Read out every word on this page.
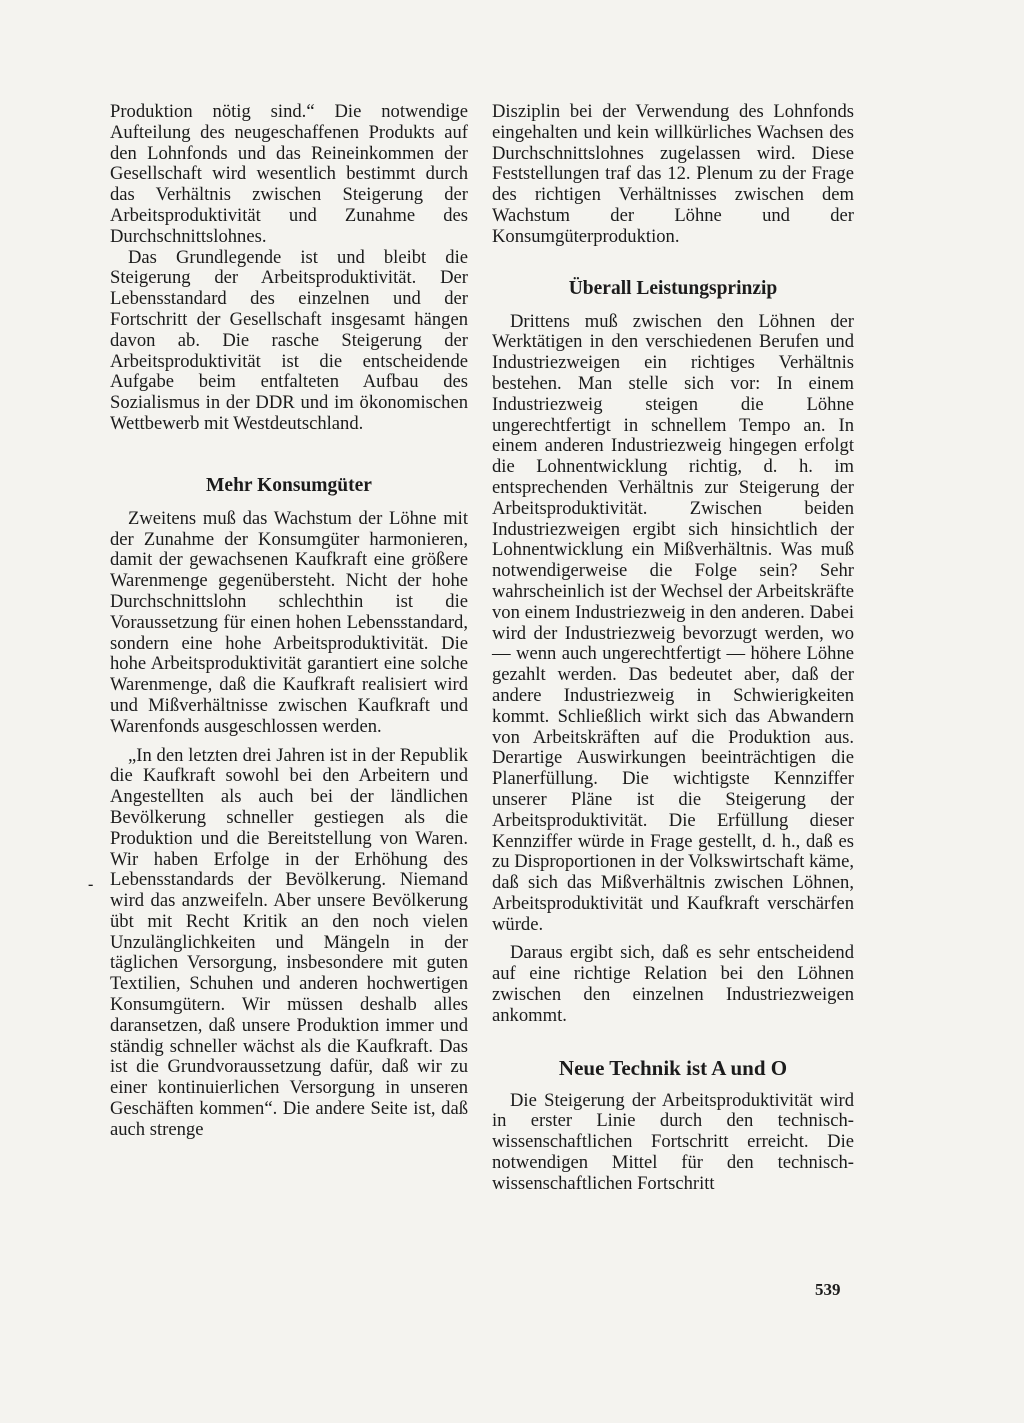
Produktion nötig sind.“ Die notwendige Aufteilung des neugeschaffenen Produkts auf den Lohnfonds und das Reineinkommen der Gesellschaft wird wesentlich bestimmt durch das Verhältnis zwischen Steigerung der Arbeitsproduktivität und Zunahme des Durchschnittslohnes.

Das Grundlegende ist und bleibt die Steigerung der Arbeitsproduktivität. Der Lebensstandard des einzelnen und der Fortschritt der Gesellschaft insgesamt hängen davon ab. Die rasche Steigerung der Arbeitsproduktivität ist die entscheidende Aufgabe beim entfalteten Aufbau des Sozialismus in der DDR und im ökonomischen Wettbewerb mit Westdeutschland.

Mehr Konsumgüter

Zweitens muß das Wachstum der Löhne mit der Zunahme der Konsumgüter harmonieren, damit der gewachsenen Kaufkraft eine größere Warenmenge gegenübersteht. Nicht der hohe Durchschnittslohn schlechthin ist die Voraussetzung für einen hohen Lebensstandard, sondern eine hohe Arbeitsproduktivität. Die hohe Arbeitsproduktivität garantiert eine solche Warenmenge, daß die Kaufkraft realisiert wird und Mißverhältnisse zwischen Kaufkraft und Warenfonds ausgeschlossen werden.

„In den letzten drei Jahren ist in der Republik die Kaufkraft sowohl bei den Arbeitern und Angestellten als auch bei der ländlichen Bevölkerung schneller gestiegen als die Produktion und die Bereitstellung von Waren. Wir haben Erfolge in der Erhöhung des Lebensstandards der Bevölkerung. Niemand wird das anzweifeln. Aber unsere Bevölkerung übt mit Recht Kritik an den noch vielen Unzulänglichkeiten und Mängeln in der täglichen Versorgung, insbesondere mit guten Textilien, Schuhen und anderen hochwertigen Konsumgütern. Wir müssen deshalb alles daransetzen, daß unsere Produktion immer und ständig schneller wächst als die Kaufkraft. Das ist die Grundvoraussetzung dafür, daß wir zu einer kontinuierlichen Versorgung in unseren Geschäften kommen“. Die andere Seite ist, daß auch strenge

Disziplin bei der Verwendung des Lohnfonds eingehalten und kein willkürliches Wachsen des Durchschnittslohnes zugelassen wird. Diese Feststellungen traf das 12. Plenum zu der Frage des richtigen Verhältnisses zwischen dem Wachstum der Löhne und der Konsumgüterproduktion.

Überall Leistungsprinzip

Drittens muß zwischen den Löhnen der Werktätigen in den verschiedenen Berufen und Industriezweigen ein richtiges Verhältnis bestehen. Man stelle sich vor: In einem Industriezweig steigen die Löhne ungerechtfertigt in schnellem Tempo an. In einem anderen Industriezweig hingegen erfolgt die Lohnentwicklung richtig, d. h. im entsprechenden Verhältnis zur Steigerung der Arbeitsproduktivität. Zwischen beiden Industriezweigen ergibt sich hinsichtlich der Lohnentwicklung ein Mißverhältnis. Was muß notwendigerweise die Folge sein? Sehr wahrscheinlich ist der Wechsel der Arbeitskräfte von einem Industriezweig in den anderen. Dabei wird der Industriezweig bevorzugt werden, wo — wenn auch ungerechtfertigt — höhere Löhne gezahlt werden. Das bedeutet aber, daß der andere Industriezweig in Schwierigkeiten kommt. Schließlich wirkt sich das Abwandern von Arbeitskräften auf die Produktion aus. Derartige Auswirkungen beeinträchtigen die Planerfüllung. Die wichtigste Kennziffer unserer Pläne ist die Steigerung der Arbeitsproduktivität. Die Erfüllung dieser Kennziffer würde in Frage gestellt, d. h., daß es zu Disproportionen in der Volkswirtschaft käme, daß sich das Mißverhältnis zwischen Löhnen, Arbeitsproduktivität und Kaufkraft verschärfen würde.

Daraus ergibt sich, daß es sehr entscheidend auf eine richtige Relation bei den Löhnen zwischen den einzelnen Industriezweigen ankommt.

Neue Technik ist A und O

Die Steigerung der Arbeitsproduktivität wird in erster Linie durch den technisch-wissenschaftlichen Fortschritt erreicht. Die notwendigen Mittel für den technisch-wissenschaftlichen Fortschritt

-
539
